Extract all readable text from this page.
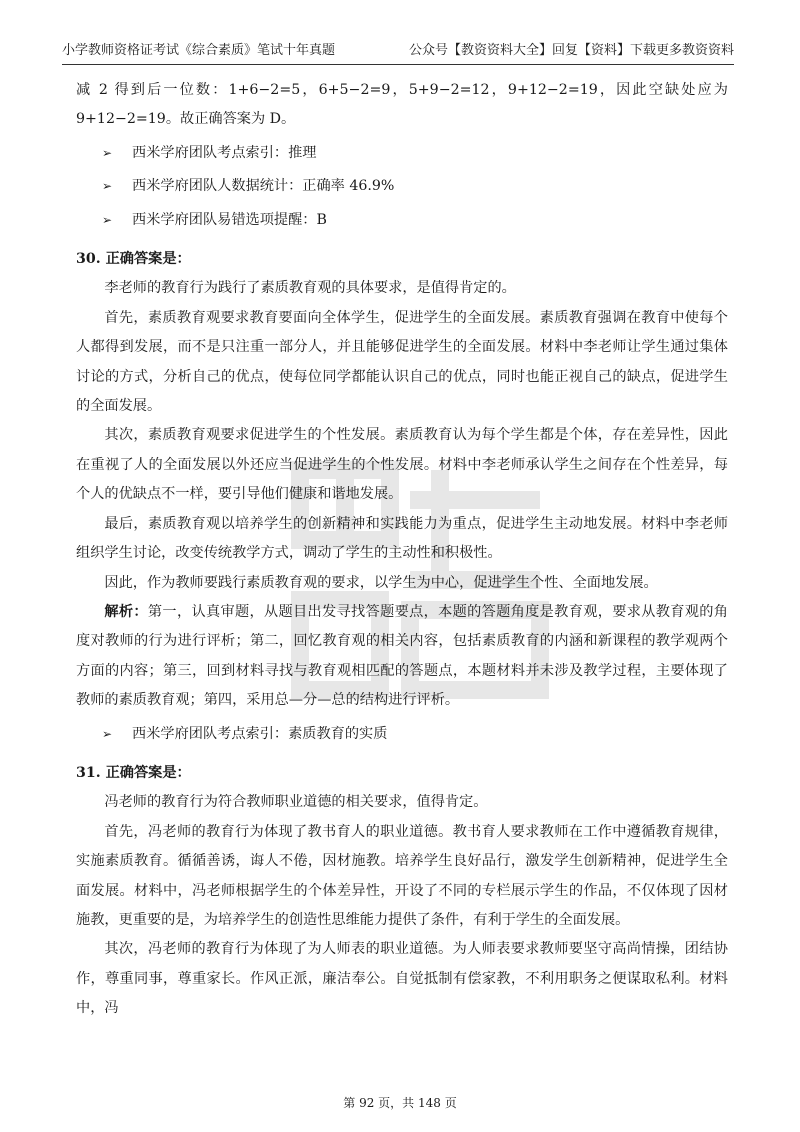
小学教师资格证考试《综合素质》笔试十年真题	公众号【教资资料大全】回复【资料】下载更多教资资料

减 2 得到后一位数：1+6−2=5，6+5−2=9，5+9−2=12，9+12−2=19，因此空缺处应为 9+12−2=19。故正确答案为 D。

➢ 西米学府团队考点索引：推理
➢ 西米学府团队人数据统计：正确率 46.9%
➢ 西米学府团队易错选项提醒：B

30. 正确答案是：

李老师的教育行为践行了素质教育观的具体要求，是值得肯定的。

首先，素质教育观要求教育要面向全体学生，促进学生的全面发展。素质教育强调在教育中使每个人都得到发展，而不是只注重一部分人，并且能够促进学生的全面发展。材料中李老师让学生通过集体讨论的方式，分析自己的优点，使每位同学都能认识自己的优点，同时也能正视自己的缺点，促进学生的全面发展。

其次，素质教育观要求促进学生的个性发展。素质教育认为每个学生都是个体，存在差异性，因此在重视了人的全面发展以外还应当促进学生的个性发展。材料中李老师承认学生之间存在个性差异，每个人的优缺点不一样，要引导他们健康和谐地发展。

最后，素质教育观以培养学生的创新精神和实践能力为重点，促进学生主动地发展。材料中李老师组织学生讨论，改变传统教学方式，调动了学生的主动性和积极性。

因此，作为教师要践行素质教育观的要求，以学生为中心，促进学生个性、全面地发展。

解析：第一，认真审题，从题目出发寻找答题要点，本题的答题角度是教育观，要求从教育观的角度对教师的行为进行评析；第二，回忆教育观的相关内容，包括素质教育的内涵和新课程的教学观两个方面的内容；第三，回到材料寻找与教育观相匹配的答题点，本题材料并未涉及教学过程，主要体现了教师的素质教育观；第四，采用总—分—总的结构进行评析。

➢ 西米学府团队考点索引：素质教育的实质

31. 正确答案是：

冯老师的教育行为符合教师职业道德的相关要求，值得肯定。

首先，冯老师的教育行为体现了教书育人的职业道德。教书育人要求教师在工作中遵循教育规律，实施素质教育。循循善诱，诲人不倦，因材施教。培养学生良好品行，激发学生创新精神，促进学生全面发展。材料中，冯老师根据学生的个体差异性，开设了不同的专栏展示学生的作品，不仅体现了因材施教，更重要的是，为培养学生的创造性思维能力提供了条件，有利于学生的全面发展。

其次，冯老师的教育行为体现了为人师表的职业道德。为人师表要求教师要坚守高尚情操，团结协作，尊重同事，尊重家长。作风正派，廉洁奉公。自觉抵制有偿家教，不利用职务之便谋取私利。材料中，冯

第 92 页，共 148 页
